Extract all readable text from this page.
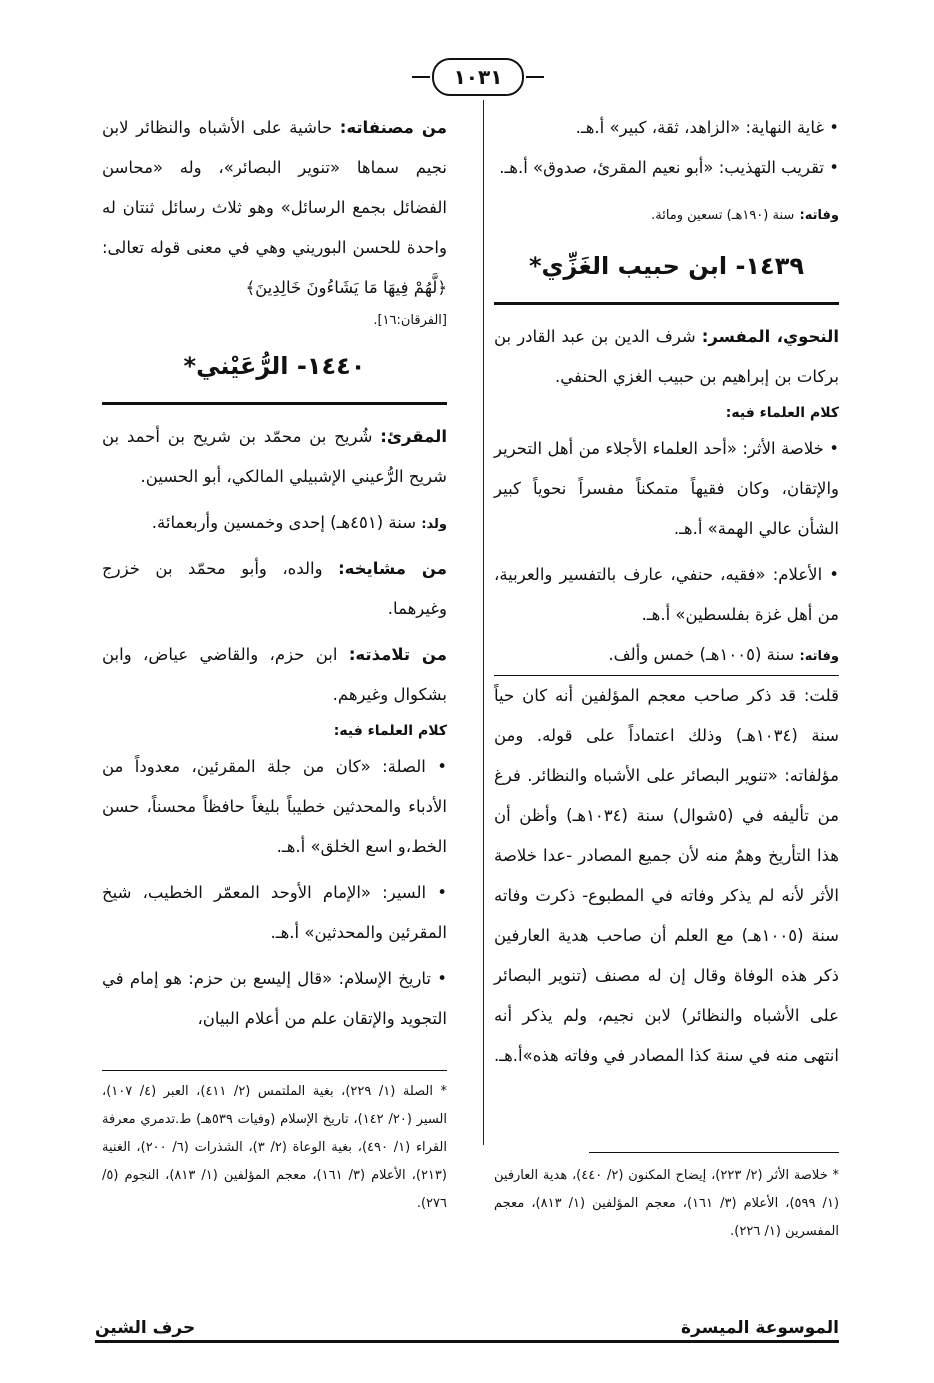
١٠٣١

• غاية النهاية: «الزاهد، ثقة، كبير» أ.هـ.

• تقريب التهذيب: «أبو نعيم المقرئ، صدوق» أ.هـ.

وفاته: سنة (١٩٠هـ) تسعين ومائة.

١٤٣٩- ابن حبيب الغَزِّي*

النحوي، المفسر: شرف الدين بن عبد القادر بن بركات بن إبراهيم بن حبيب الغزي الحنفي.

كلام العلماء فيه:

• خلاصة الأثر: «أحد العلماء الأجلاء من أهل التحرير والإتقان، وكان فقيهاً متمكناً مفسراً نحوياً كبير الشأن عالي الهمة» أ.هـ.

• الأعلام: «فقيه، حنفي، عارف بالتفسير والعربية، من أهل غزة بفلسطين» أ.هـ.

وفاته: سنة (١٠٠٥هـ) خمس وألف.

قلت: قد ذكر صاحب معجم المؤلفين أنه كان حياً سنة (١٠٣٤هـ) وذلك اعتماداً على قوله. ومن مؤلفاته: «تنوير البصائر على الأشباه والنظائر. فرغ من تأليفه في (٥شوال) سنة (١٠٣٤هـ) وأظن أن هذا التأريخ وهمٌ منه لأن جميع المصادر -عدا خلاصة الأثر لأنه لم يذكر وفاته في المطبوع- ذكرت وفاته سنة (١٠٠٥هـ) مع العلم أن صاحب هدية العارفين ذكر هذه الوفاة وقال إن له مصنف (تنوير البصائر على الأشباه والنظائر) لابن نجيم، ولم يذكر أنه انتهى منه في سنة كذا المصادر في وفاته هذه»أ.هـ.

* خلاصة الأثر (٢/ ٢٢٣)، إيضاح المكنون (٢/ ٤٤٠)، هدية العارفين (١/ ٥٩٩)، الأعلام (٣/ ١٦١)، معجم المؤلفين (١/ ٨١٣)، معجم المفسرين (١/ ٢٢٦).

من مصنفاته: حاشية على الأشباه والنظائر لابن نجيم سماها «تنوير البصائر»، وله «محاسن الفضائل بجمع الرسائل» وهو ثلاث رسائل ثنتان له واحدة للحسن البوريني وهي في معنى قوله تعالى: ﴿لَّهُمْ فِيهَا مَا يَشَاءُونَ خَالِدِينَ﴾

[الفرقان:١٦].

١٤٤٠- الرُّعَيْني*

المقرئ: شُريح بن محمّد بن شريح بن أحمد بن شريح الرُّعيني الإشبيلي المالكي، أبو الحسين.

ولد: سنة (٤٥١هـ) إحدى وخمسين وأربعمائة.

من مشايخه: والده، وأبو محمّد بن خزرج وغيرهما.

من تلامذته: ابن حزم، والقاضي عياض، وابن بشكوال وغيرهم.

كلام العلماء فيه:

• الصلة: «كان من جلة المقرئين، معدوداً من الأدباء والمحدثين خطيباً بليغاً حافظاً محسناً، حسن الخط،و اسع الخلق» أ.هـ.

• السير: «الإمام الأوحد المعمّر الخطيب، شيخ المقرئين والمحدثين» أ.هـ.

• تاريخ الإسلام: «قال إليسع بن حزم: هو إمام في التجويد والإتقان علم من أعلام البيان،

* الصلة (١/ ٢٢٩)، بغية الملتمس (٢/ ٤١١)، العبر (٤/ ١٠٧)، السير (٢٠/ ١٤٢)، تاريخ الإسلام (وفيات ٥٣٩هـ) ط.تدمري معرفة القراء (١/ ٤٩٠)، بغية الوعاة (٢/ ٣)، الشذرات (٦/ ٢٠٠)، الغنية (٢١٣)، الأعلام (٣/ ١٦١)، معجم المؤلفين (١/ ٨١٣)، النجوم (٥/ ٢٧٦).
الموسوعة الميسرة
حرف الشين
